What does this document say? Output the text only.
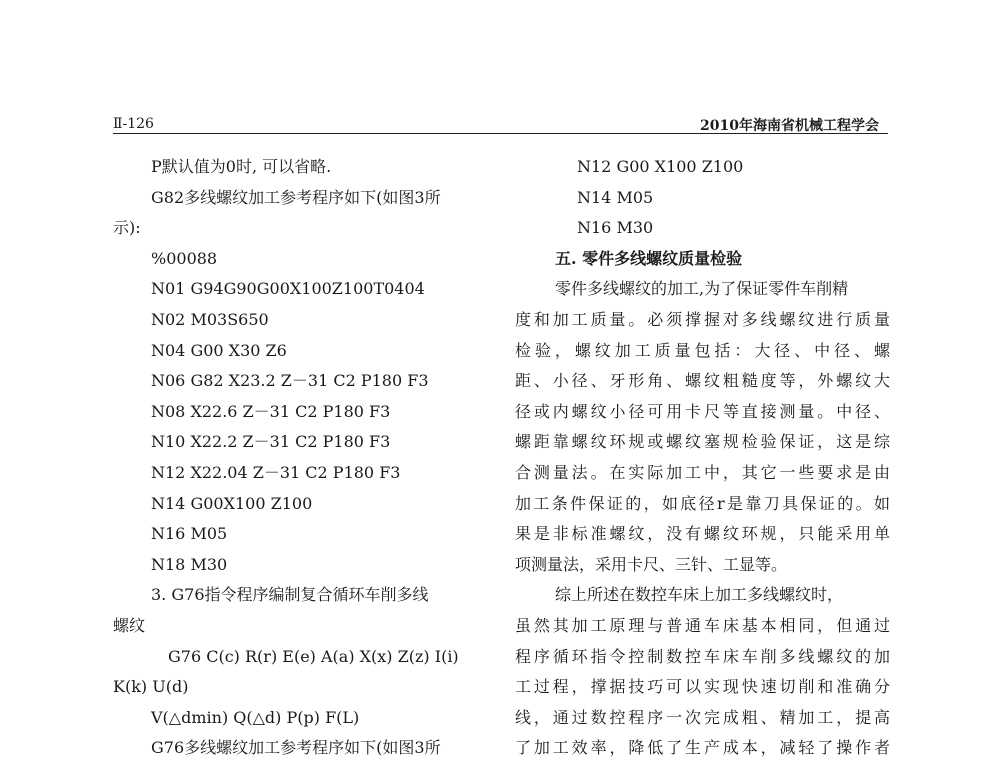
Ⅱ-126	2010年海南省机械工程学会
P默认值为0时, 可以省略.
G82多线螺纹加工参考程序如下(如图3所
示):
%00088
N01 G94G90G00X100Z100T0404
N02 M03S650
N04 G00 X30 Z6
N06 G82 X23.2 Z－31 C2 P180 F3
N08 X22.6 Z－31 C2 P180 F3
N10 X22.2 Z－31 C2 P180 F3
N12 X22.04 Z－31 C2 P180 F3
N14 G00X100 Z100
N16 M05
N18 M30
3. G76指令程序编制复合循环车削多线
螺纹
G76 C(c) R(r) E(e) A(a) X(x) Z(z) I(i)
K(k) U(d)
V(△dmin) Q(△d) P(p) F(L)
G76多线螺纹加工参考程序如下(如图3所
N12 G00 X100 Z100
N14 M05
N16 M30
五. 零件多线螺纹质量检验
零件多线螺纹的加工,为了保证零件车削精
度和加工质量。必须撑握对多线螺纹进行质量
检验，螺纹加工质量包括：大径、中径、螺
距、小径、牙形角、螺纹粗糙度等，外螺纹大
径或内螺纹小径可用卡尺等直接测量。中径、
螺距靠螺纹环规或螺纹塞规检验保证，这是综
合测量法。在实际加工中，其它一些要求是由
加工条件保证的，如底径r是靠刀具保证的。如
果是非标准螺纹，没有螺纹环规，只能采用单
项测量法，采用卡尺、三针、工显等。
综上所述在数控车床上加工多线螺纹时，
虽然其加工原理与普通车床基本相同，但通过
程序循环指令控制数控车床车削多线螺纹的加
工过程，撑据技巧可以实现快速切削和准确分
线，通过数控程序一次完成粗、精加工，提高
了加工效率，降低了生产成本，减轻了操作者
